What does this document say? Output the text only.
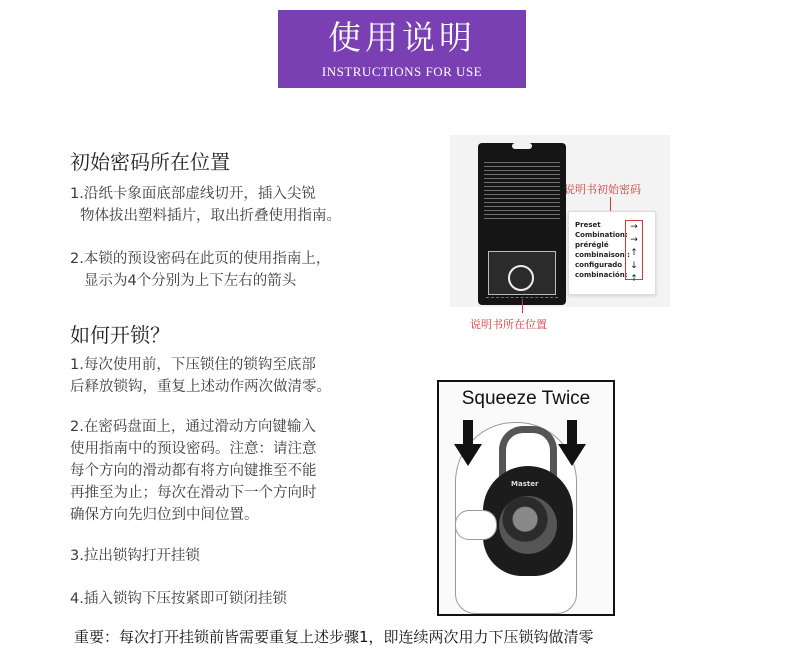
使用说明
INSTRUCTIONS FOR USE
初始密码所在位置
1.沿纸卡象面底部虚线切开，插入尖锐
物体拔出塑料插片，取出折叠使用指南。
2.本锁的预设密码在此页的使用指南上，
显示为4个分别为上下左右的箭头
如何开锁？
1.每次使用前，下压锁住的锁钩至底部
后释放锁钩，重复上述动作两次做清零。
2.在密码盘面上，通过滑动方向键输入
使用指南中的预设密码。注意：请注意
每个方向的滑动都有将方向键推至不能
再推至为止；每次在滑动下一个方向时
确保方向先归位到中间位置。
3.拉出锁钩打开挂锁
4.插入锁钩下压按紧即可锁闭挂锁
重要：每次打开挂锁前皆需要重复上述步骤1，即连续两次用力下压锁钩做清零
说明书初始密码
Preset
Combination:
préréglé
combinaison :
configurado
combinación:
→
→
↑
↓
↑
说明书所在位置
Squeeze Twice
Master
